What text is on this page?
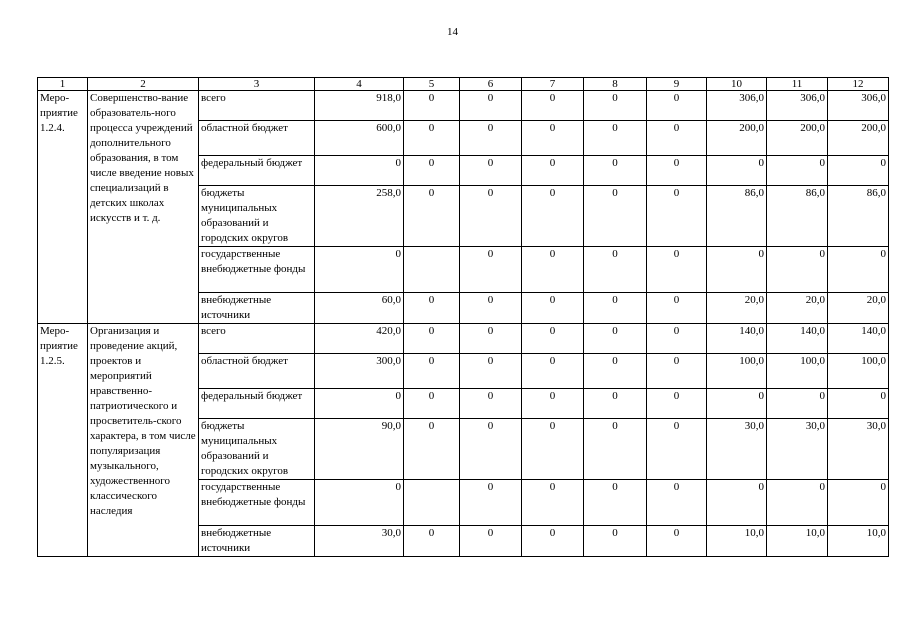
14
1	2	3	4	5	6	7	8	9	10	11	12

Меро-
приятие
1.2.4.	Совершенство-вание образователь-ного процесса учреждений дополнительного образования, в том числе введение новых специализаций в детских школах искусств и т. д.	всего	918,0	0	0	0	0	0	306,0	306,0	306,0
		областной бюджет	600,0	0	0	0	0	0	200,0	200,0	200,0
		федеральный бюджет	0	0	0	0	0	0	0	0	0
		бюджеты муниципальных образований и городских округов	258,0	0	0	0	0	0	86,0	86,0	86,0
		государственные внебюджетные фонды	0		0	0	0	0	0	0	0
		внебюджетные источники	60,0	0	0	0	0	0	20,0	20,0	20,0

Меро-
приятие
1.2.5.	Организация и проведение акций, проектов и мероприятий нравственно-патриотического и просветитель-ского характера, в том числе популяризация музыкального, художественного классического наследия	всего	420,0	0	0	0	0	0	140,0	140,0	140,0
		областной бюджет	300,0	0	0	0	0	0	100,0	100,0	100,0
		федеральный бюджет	0	0	0	0	0	0	0	0	0
		бюджеты муниципальных образований и городских округов	90,0	0	0	0	0	0	30,0	30,0	30,0
		государственные внебюджетные фонды	0		0	0	0	0	0	0	0
		внебюджетные источники	30,0	0	0	0	0	0	10,0	10,0	10,0
